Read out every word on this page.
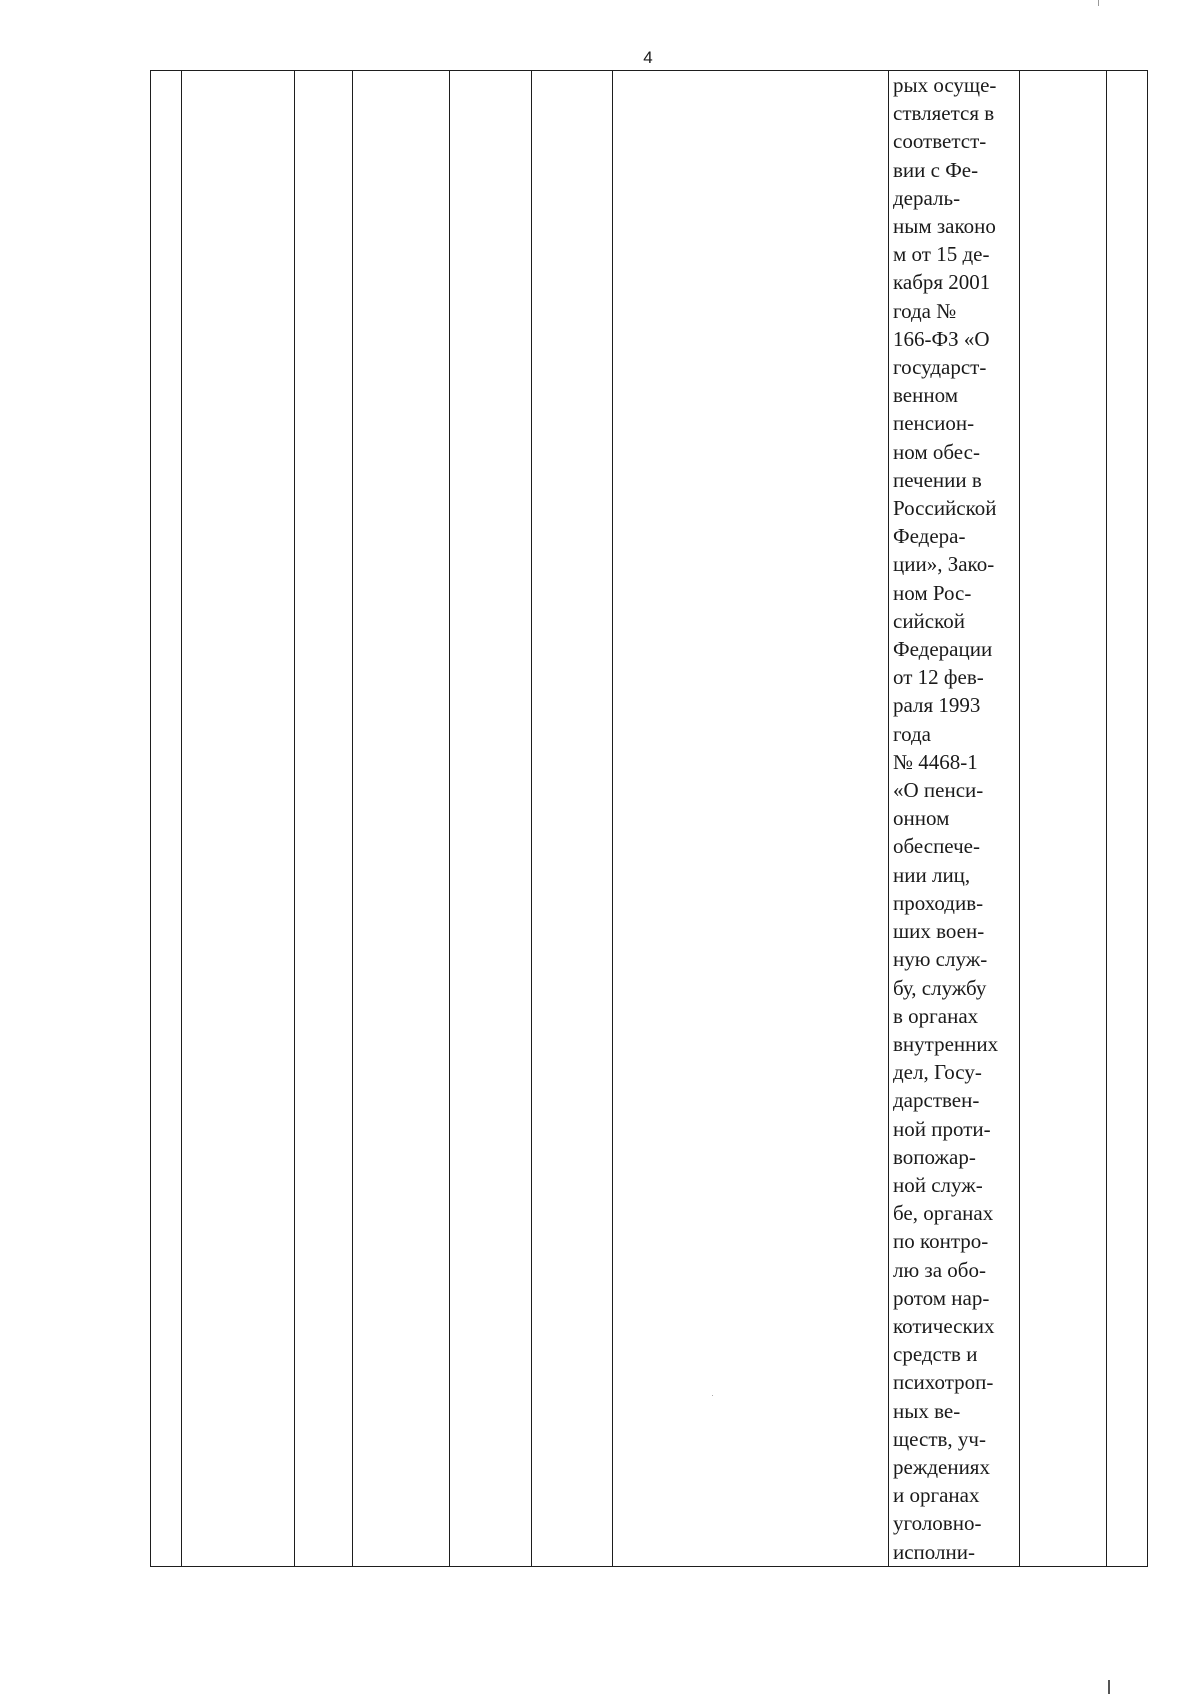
4
							рых осуще-
ствляется в
соответст-
вии с Фе-
дераль-
ным законо
м от 15 де-
кабря 2001
года №
166-ФЗ «О
государст-
венном
пенсион-
ном обес-
печении в
Российской
Федера-
ции», Зако-
ном Рос-
сийской
Федерации
от 12 фев-
раля 1993
года
№ 4468-1
«О пенси-
онном
обеспече-
нии лиц,
проходив-
ших воен-
ную служ-
бу, службу
в органах
внутренних
дел, Госу-
дарствен-
ной проти-
вопожар-
ной служ-
бе, органах
по контро-
лю за обо-
ротом нар-
котических
средств и
психотроп-
ных ве-
ществ, уч-
реждениях
и органах
уголовно-
исполни-		
